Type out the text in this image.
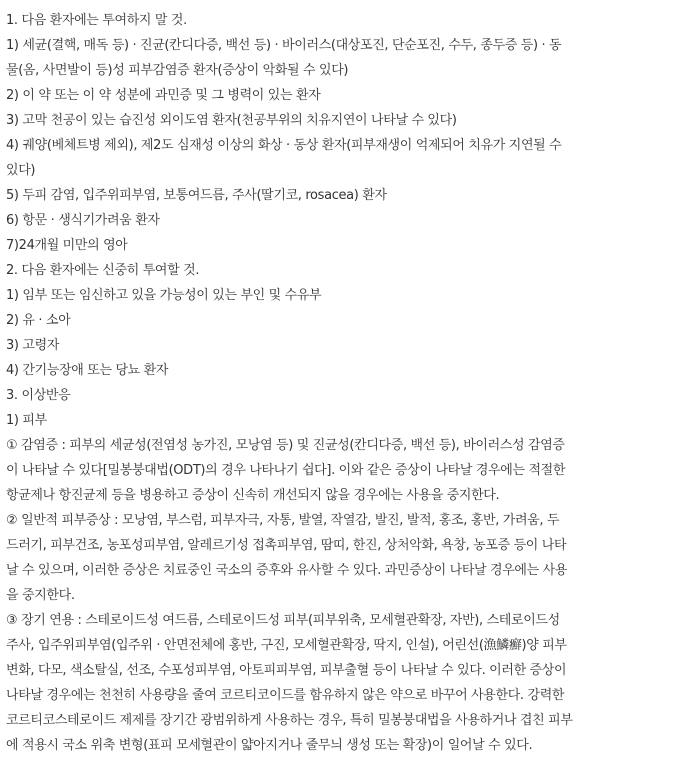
1. 다음 환자에는 투여하지 말 것.
1) 세균(결핵, 매독 등) · 진균(칸디다증, 백선 등) · 바이러스(대상포진, 단순포진, 수두, 종두증 등) · 동
물(옴, 사면발이 등)성 피부감염증 환자(증상이 악화될 수 있다)
2) 이 약 또는 이 약 성분에 과민증 및 그 병력이 있는 환자
3) 고막 천공이 있는 습진성 외이도염 환자(천공부위의 치유지연이 나타날 수 있다)
4) 궤양(베체트병 제외), 제2도 심재성 이상의 화상 · 동상 환자(피부재생이 억제되어 치유가 지연될 수
있다)
5) 두피 감염, 입주위피부염, 보통여드름, 주사(딸기코, rosacea) 환자
6) 항문 · 생식기가려움 환자
7)24개월 미만의 영아
2. 다음 환자에는 신중히 투여할 것.
1) 임부 또는 임신하고 있을 가능성이 있는 부인 및 수유부
2) 유 · 소아
3) 고령자
4) 간기능장애 또는 당뇨 환자
3. 이상반응
1) 피부
① 감염증 : 피부의 세균성(전염성 농가진, 모낭염 등) 및 진균성(칸디다증, 백선 등), 바이러스성 감염증
이 나타날 수 있다[밀봉붕대법(ODT)의 경우 나타나기 쉽다]. 이와 같은 증상이 나타날 경우에는 적절한
항균제나 항진균제 등을 병용하고 증상이 신속히 개선되지 않을 경우에는 사용을 중지한다.
② 일반적 피부증상 : 모낭염, 부스럼, 피부자극, 자통, 발열, 작열감, 발진, 발적, 홍조, 홍반, 가려움, 두
드러기, 피부건조, 농포성피부염, 알레르기성 접촉피부염, 땀띠, 한진, 상처악화, 욕창, 농포증 등이 나타
날 수 있으며, 이러한 증상은 치료중인 국소의 증후와 유사할 수 있다. 과민증상이 나타날 경우에는 사용
을 중지한다.
③ 장기 연용 : 스테로이드성 여드름, 스테로이드성 피부(피부위축, 모세혈관확장, 자반), 스테로이드성
주사, 입주위피부염(입주위 · 안면전체에 홍반, 구진, 모세혈관확장, 딱지, 인설), 어린선(漁鱗癬)양 피부
변화, 다모, 색소탈실, 선조, 수포성피부염, 아토피피부염, 피부출혈 등이 나타날 수 있다. 이러한 증상이
나타날 경우에는 천천히 사용량을 줄여 코르티코이드를 함유하지 않은 약으로 바꾸어 사용한다. 강력한
코르티코스테로이드 제제를 장기간 광범위하게 사용하는 경우, 특히 밀봉붕대법을 사용하거나 겹친 피부
에 적용시 국소 위축 변형(표피 모세혈관이 얇아지거나 줄무늬 생성 또는 확장)이 일어날 수 있다.
